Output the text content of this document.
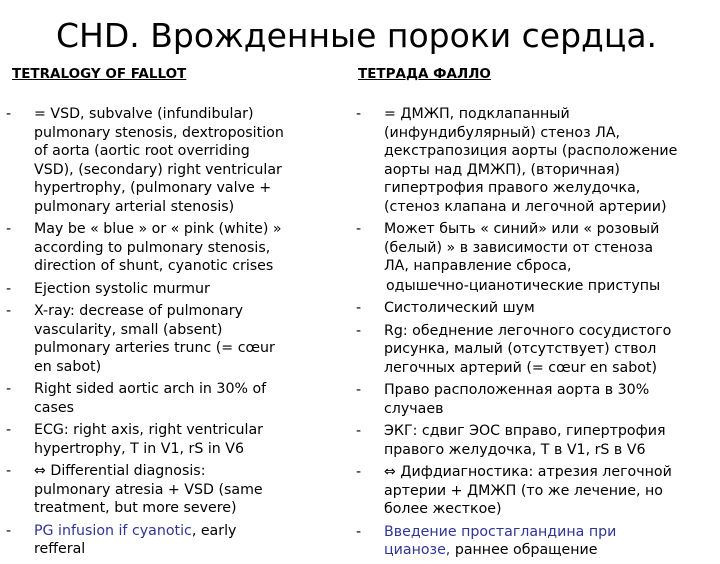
CHD. Врожденные пороки сердца.
TETRALOGY OF FALLOT	ТЕТРАДА ФАЛЛО
- = VSD, subvalve (infundibular)
pulmonary stenosis, dextroposition
of aorta (aortic root overriding
VSD), (secondary) right ventricular
hypertrophy, (pulmonary valve +
pulmonary arterial stenosis)
- May be « blue » or « pink (white) »
according to pulmonary stenosis,
direction of shunt, cyanotic crises
- Ejection systolic murmur
- X-ray: decrease of pulmonary
vascularity, small (absent)
pulmonary arteries trunc (= cœur
en sabot)
- Right sided aortic arch in 30% of
cases
- ECG: right axis, right ventricular
hypertrophy, T in V1, rS in V6
- ⇔ Differential diagnosis:
pulmonary atresia + VSD (same
treatment, but more severe)
- PG infusion if cyanotic, early
refferal
- = ДМЖП, подклапанный
(инфундибулярный) стеноз ЛА,
декстрапозиция аорты (расположение
аорты над ДМЖП), (вторичная)
гипертрофия правого желудочка,
(стеноз клапана и легочной артерии)
- Может быть « синий» или « розовый
(белый) » в зависимости от стеноза
ЛА, направление сброса,
одышечно-цианотические приступы
- Систолический шум
- Rg: обеднение легочного сосудистого
рисунка, малый (отсутствует) ствол
легочных артерий (= cœur en sabot)
- Право расположенная аорта в 30%
случаев
- ЭКГ: сдвиг ЭОС вправо, гипертрофия
правого желудочка, T в V1, rS в V6
- ⇔ Дифдиагностика: атрезия легочной
артерии + ДМЖП (то же лечение, но
более жесткое)
- Введение простагландина при
цианозе, раннее обращение
